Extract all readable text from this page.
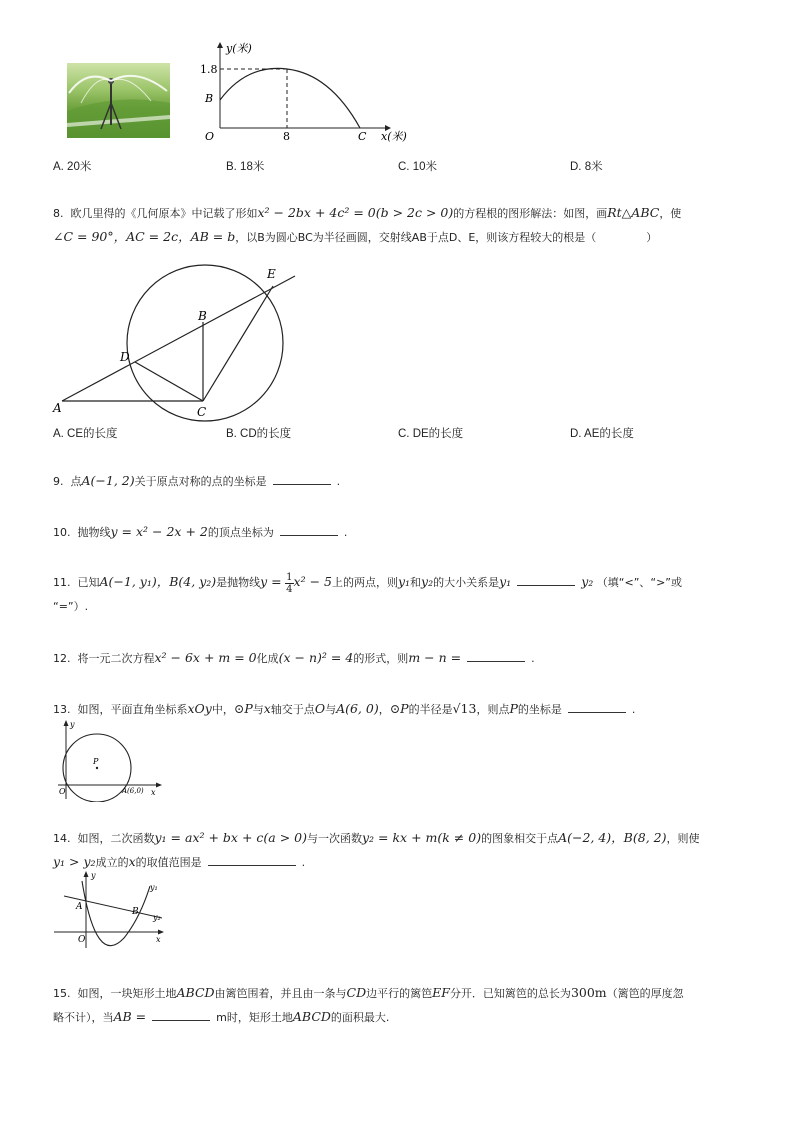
y(米)
1.8
B
O	8	C x(米)
A. 20米	B. 18米	C. 10米	D. 8米
8. 欧几里得的《几何原本》中记载了形如x² − 2bx + 4c² = 0(b > 2c > 0)的方程根的图形解法：如图，画Rt△ABC，使
∠C = 90°，AC = 2c，AB = b，以B为圆心BC为半径画圆，交射线AB于点D、E，则该方程较大的根是（	）
E
B
D
A	C
A. CE的长度	B. CD的长度	C. DE的长度	D. AE的长度
9. 点A(−1, 2)关于原点对称的点的坐标是	.
10. 抛物线y = x² − 2x + 2的顶点坐标为	.
11. 已知A(−1, y₁)，B(4, y₂)是抛物线$y = \frac{1}{4} x^2 - 5$上的两点，则y₁和y₂的大小关系是y₁	y₂ （填“<”、“>”或
“=”）.
12. 将一元二次方程x² − 6x + m = 0化成(x − n)² = 4的形式，则m − n =	.
13. 如图，平面直角坐标系xOy中，⊙P与x轴交于点O与A(6, 0)，⊙P的半径是√13，则点P的坐标是	.
y
P
O	A(6,0) x
14. 如图，二次函数y₁ = ax² + bx + c(a > 0)与一次函数y₂ = kx + m(k ≠ 0)的图象相交于点A(−2, 4)，B(8, 2)，则使
y₁ > y₂成立的x的取值范围是	.
y
y₁
A	B
y₂
O	x
15. 如图，一块矩形土地ABCD由篱笆围着，并且由一条与CD边平行的篱笆EF分开．已知篱笆的总长为300m（篱笆的厚度忽
略不计），当AB =	m时，矩形土地ABCD的面积最大.
